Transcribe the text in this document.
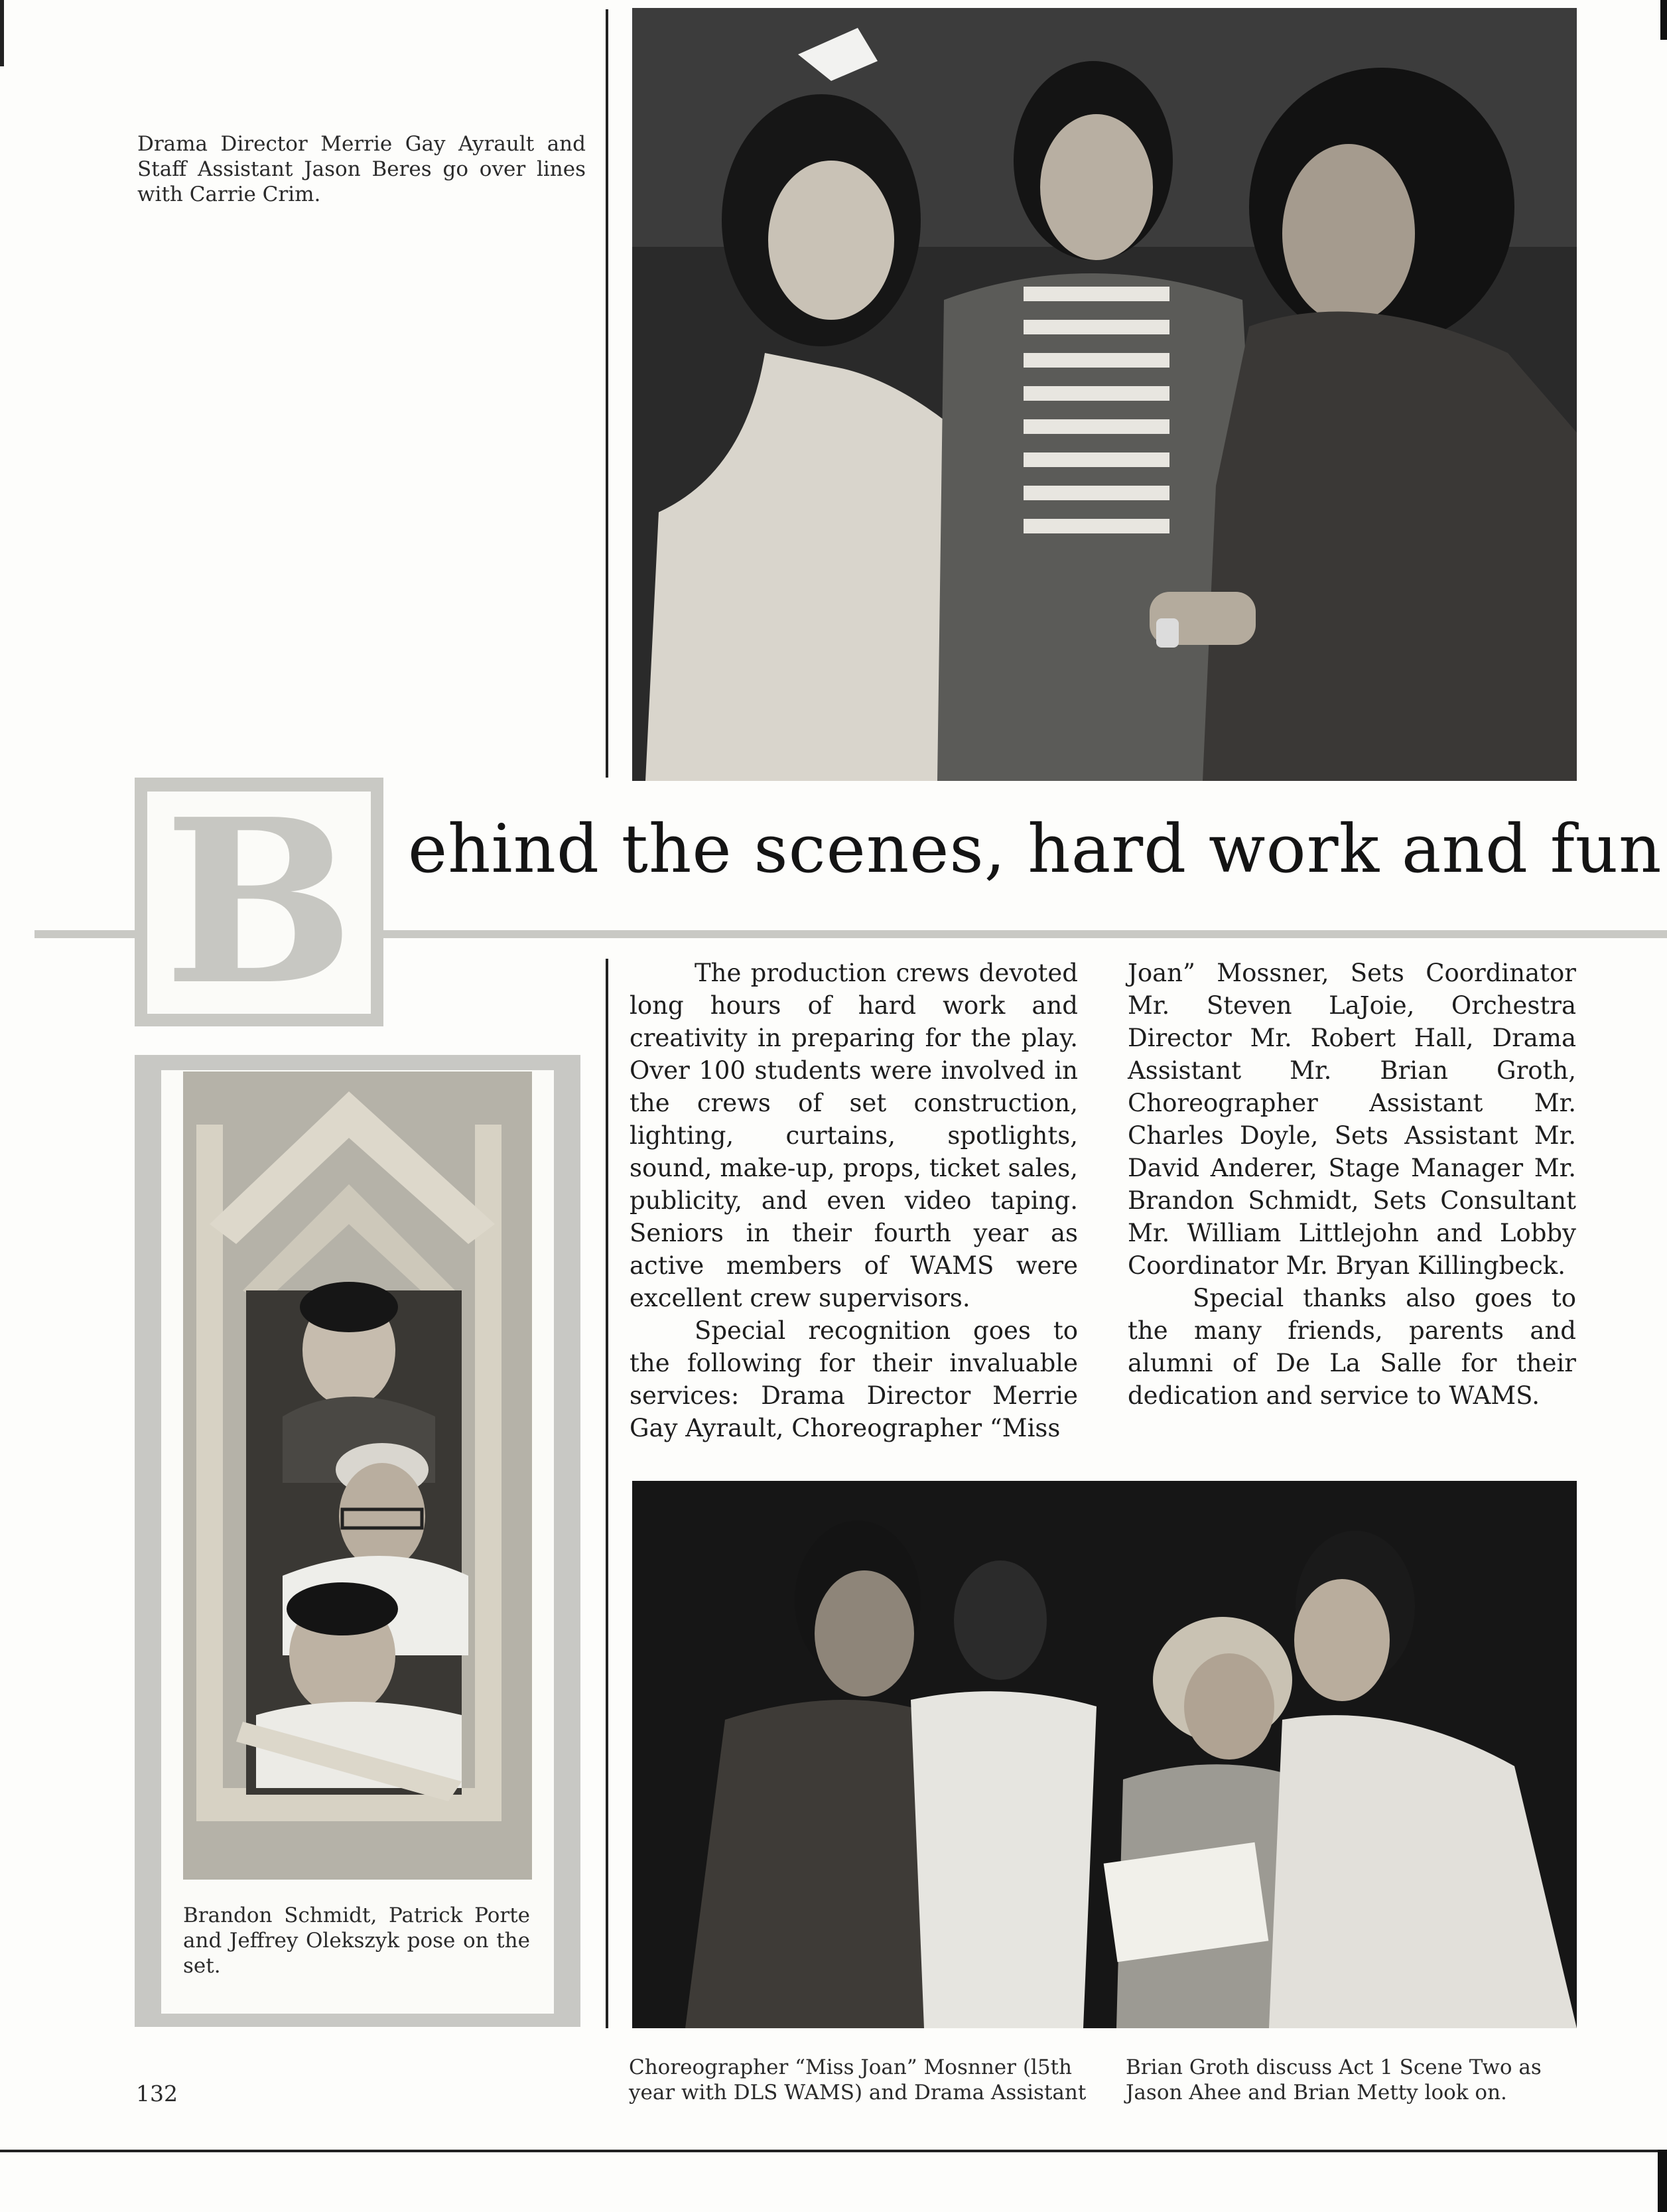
Drama Director Merrie Gay Ayrault and Staff Assistant Jason Beres go over lines with Carrie Crim.
B ehind the scenes, hard work and fun
Brandon Schmidt, Patrick Porte and Jeffrey Olekszyk pose on the set.

The production crews devoted long hours of hard work and creativity in preparing for the play. Over 100 students were involved in the crews of set construction, lighting, curtains, spotlights, sound, make-up, props, ticket sales, publicity, and even video taping. Seniors in their fourth year as active members of WAMS were excellent crew supervisors.

Special recognition goes to the following for their invaluable services: Drama Director Merrie Gay Ayrault, Choreographer “Miss

Joan” Mossner, Sets Coordinator Mr. Steven LaJoie, Orchestra Director Mr. Robert Hall, Drama Assistant Mr. Brian Groth, Choreographer Assistant Mr. Charles Doyle, Sets Assistant Mr. David Anderer, Stage Manager Mr. Brandon Schmidt, Sets Consultant Mr. William Littlejohn and Lobby Coordinator Mr. Bryan Killingbeck.

Special thanks also goes to the many friends, parents and alumni of De La Salle for their dedication and service to WAMS.

Choreographer “Miss Joan” Mosnner (l5th year with DLS WAMS) and Drama Assistant
Brian Groth discuss Act 1 Scene Two as Jason Ahee and Brian Metty look on.
132
